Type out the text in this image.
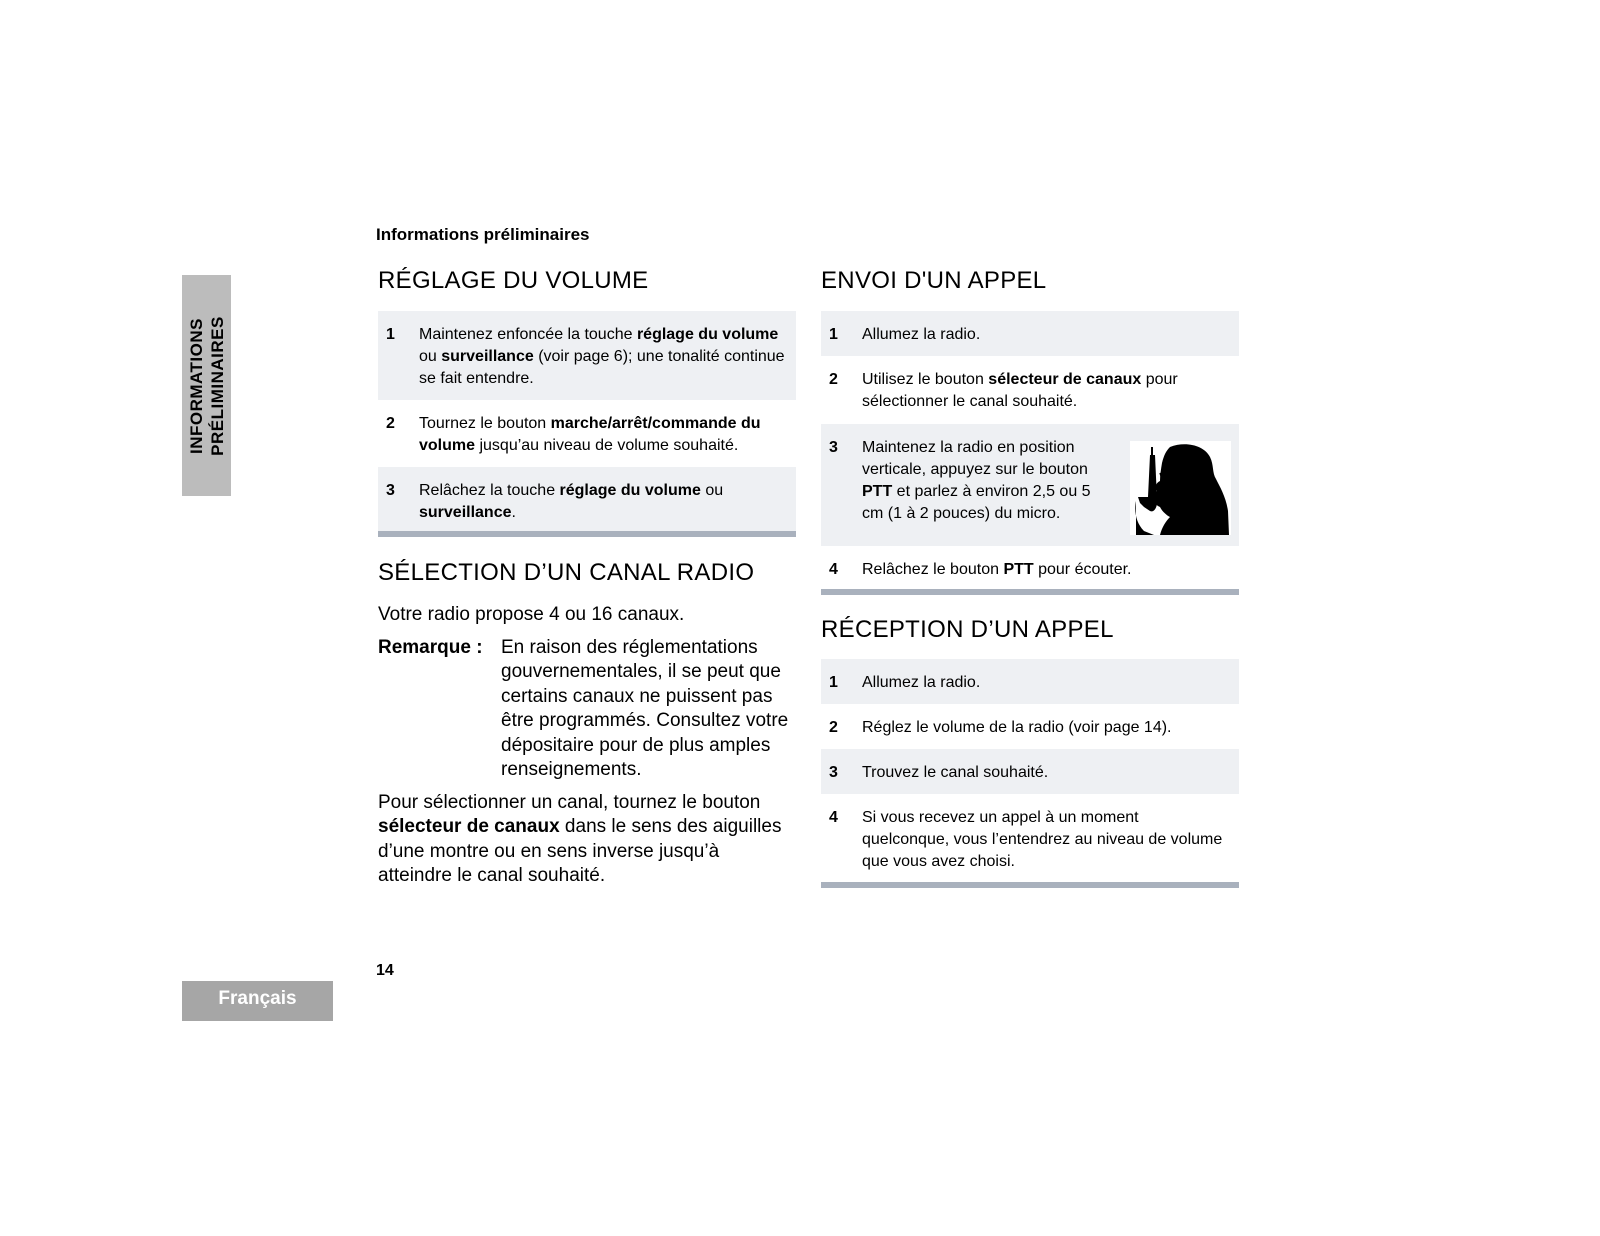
Informations préliminaires
INFORMATIONS PRÉLIMINAIRES
RÉGLAGE DU VOLUME
1	Maintenez enfoncée la touche réglage du volume ou surveillance (voir page 6); une tonalité continue se fait entendre.
2	Tournez le bouton marche/arrêt/commande du volume jusqu’au niveau de volume souhaité.
3	Relâchez la touche réglage du volume ou surveillance.
SÉLECTION D’UN CANAL RADIO
Votre radio propose 4 ou 16 canaux.
Remarque : En raison des réglementations gouvernementales, il se peut que certains canaux ne puissent pas être programmés. Consultez votre dépositaire pour de plus amples renseignements.
Pour sélectionner un canal, tournez le bouton sélecteur de canaux dans le sens des aiguilles d’une montre ou en sens inverse jusqu’à atteindre le canal souhaité.
ENVOI D'UN APPEL
1	Allumez la radio.
2	Utilisez le bouton sélecteur de canaux pour sélectionner le canal souhaité.
3	Maintenez la radio en position verticale, appuyez sur le bouton PTT et parlez à environ 2,5 ou 5 cm (1 à 2 pouces) du micro.
4	Relâchez le bouton PTT pour écouter.
RÉCEPTION D’UN APPEL
1	Allumez la radio.
2	Réglez le volume de la radio (voir page 14).
3	Trouvez le canal souhaité.
4	Si vous recevez un appel à un moment quelconque, vous l’entendrez au niveau de volume que vous avez choisi.
14
Français
